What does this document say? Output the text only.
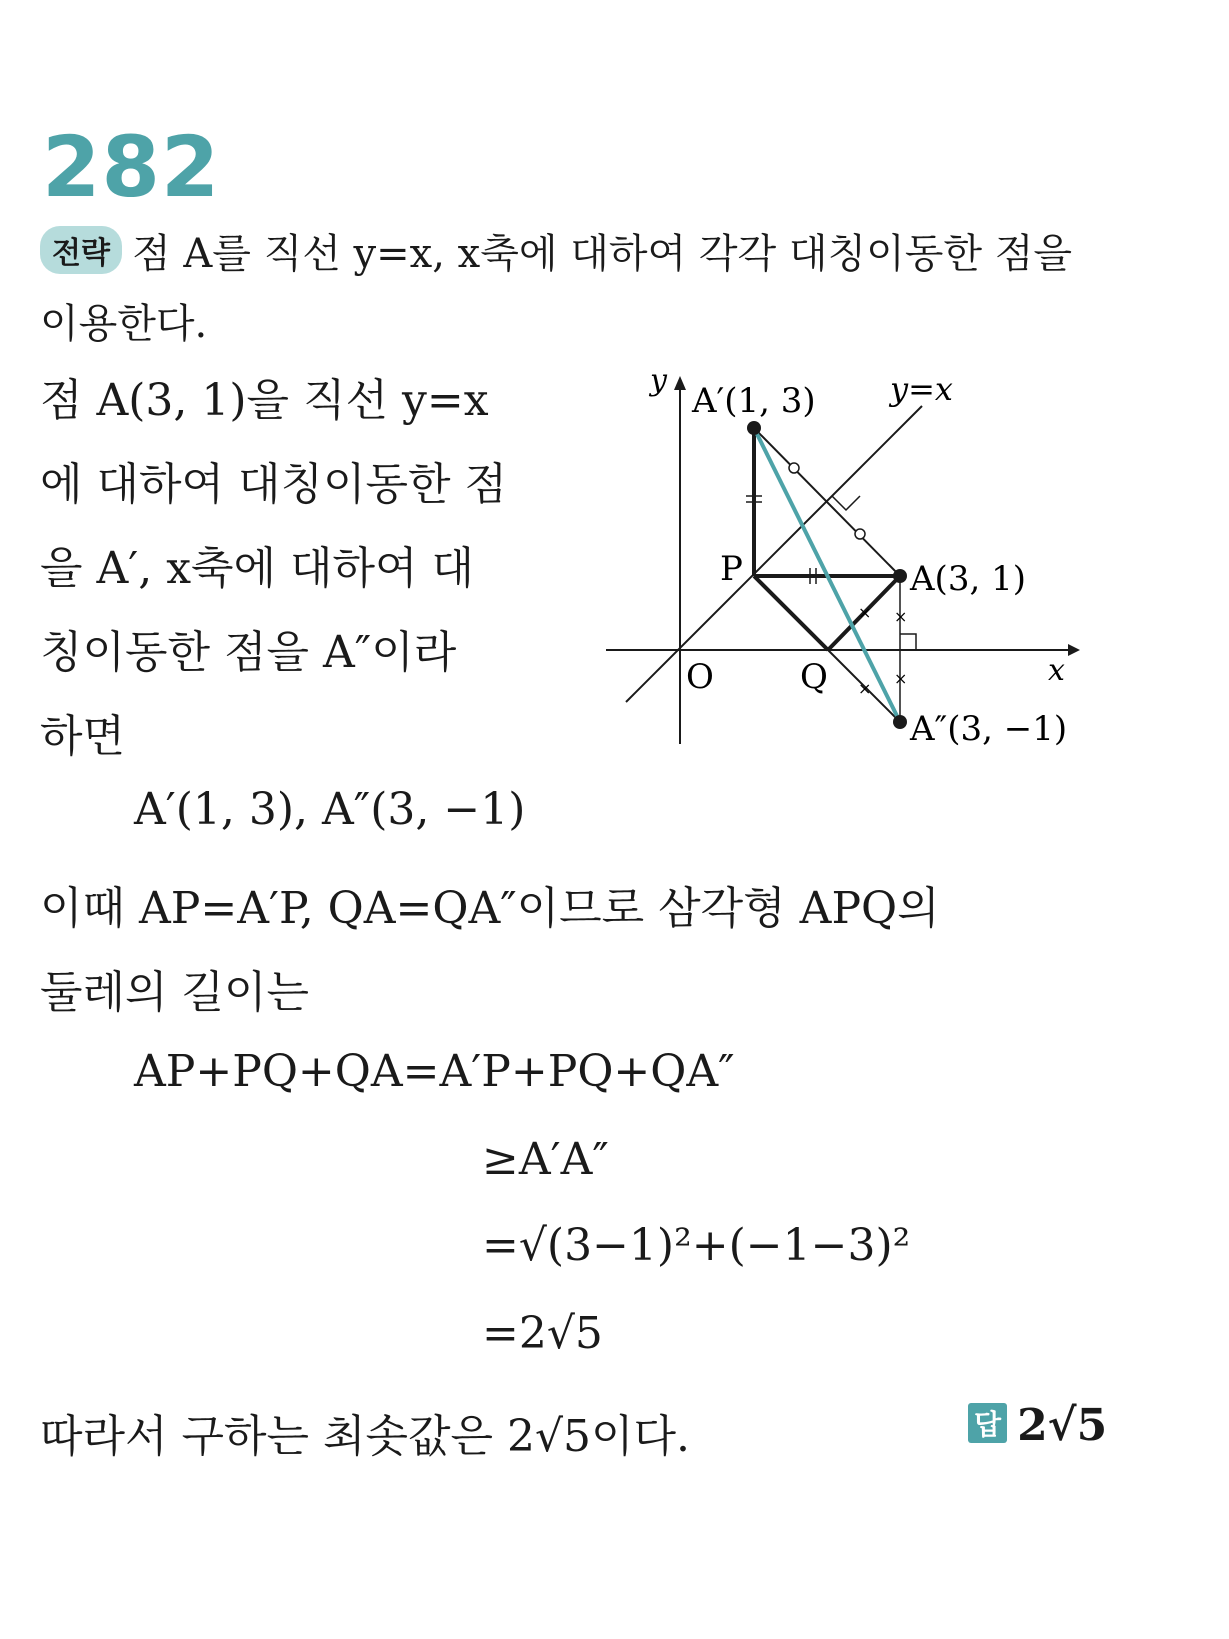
282
전략 점 A를 직선 y=x, x축에 대하여 각각 대칭이동한 점을
이용한다.
점 A(3, 1)을 직선 y=x
에 대하여 대칭이동한 점
을 A′, x축에 대하여 대
칭이동한 점을 A″이라
하면
A′(1, 3), A″(3, −1)
이때 AP=A′P, QA=QA″이므로 삼각형 APQ의
둘레의 길이는
AP+PQ+QA=A′P+PQ+QA″
≥A′A″
=√(3−1)²+(−1−3)²
=2√5
따라서 구하는 최솟값은 2√5이다.	답 2√5
×
×
×
×
y
x
O
y=x
A′(1, 3)
A(3, 1)
A″(3, −1)
P
Q
